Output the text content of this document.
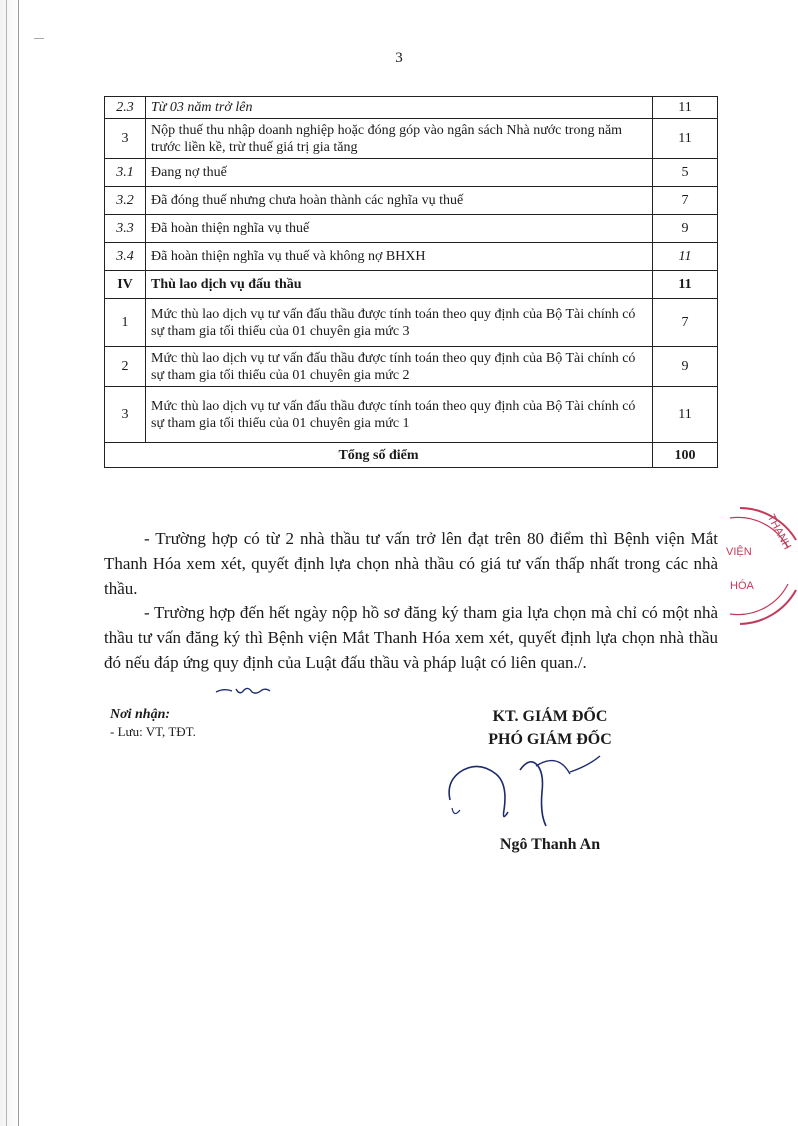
3
2.3	Từ 03 năm trở lên	11
3	Nộp thuế thu nhập doanh nghiệp hoặc đóng góp vào ngân sách Nhà nước trong năm trước liền kề, trừ thuế giá trị gia tăng	11
3.1	Đang nợ thuế	5
3.2	Đã đóng thuế nhưng chưa hoàn thành các nghĩa vụ thuế	7
3.3	Đã hoàn thiện nghĩa vụ thuế	9
3.4	Đã hoàn thiện nghĩa vụ thuế và không nợ BHXH	11
IV	Thù lao dịch vụ đấu thầu	11
1	Mức thù lao dịch vụ tư vấn đấu thầu được tính toán theo quy định của Bộ Tài chính có sự tham gia tối thiểu của 01 chuyên gia mức 3	7
2	Mức thù lao dịch vụ tư vấn đấu thầu được tính toán theo quy định của Bộ Tài chính có sự tham gia tối thiểu của 01 chuyên gia mức 2	9
3	Mức thù lao dịch vụ tư vấn đấu thầu được tính toán theo quy định của Bộ Tài chính có sự tham gia tối thiểu của 01 chuyên gia mức 1	11
Tổng số điểm		100
- Trường hợp có từ 2 nhà thầu tư vấn trở lên đạt trên 80 điểm thì Bệnh viện Mắt Thanh Hóa xem xét, quyết định lựa chọn nhà thầu có giá tư vấn thấp nhất trong các nhà thầu.
- Trường hợp đến hết ngày nộp hồ sơ đăng ký tham gia lựa chọn mà chỉ có một nhà thầu tư vấn đăng ký thì Bệnh viện Mắt Thanh Hóa xem xét, quyết định lựa chọn nhà thầu đó nếu đáp ứng quy định của Luật đấu thầu và pháp luật có liên quan./.
Nơi nhận:
- Lưu: VT, TĐT.
KT. GIÁM ĐỐC
PHÓ GIÁM ĐỐC
Ngô Thanh An
THANH
VIỆN
HÓA
